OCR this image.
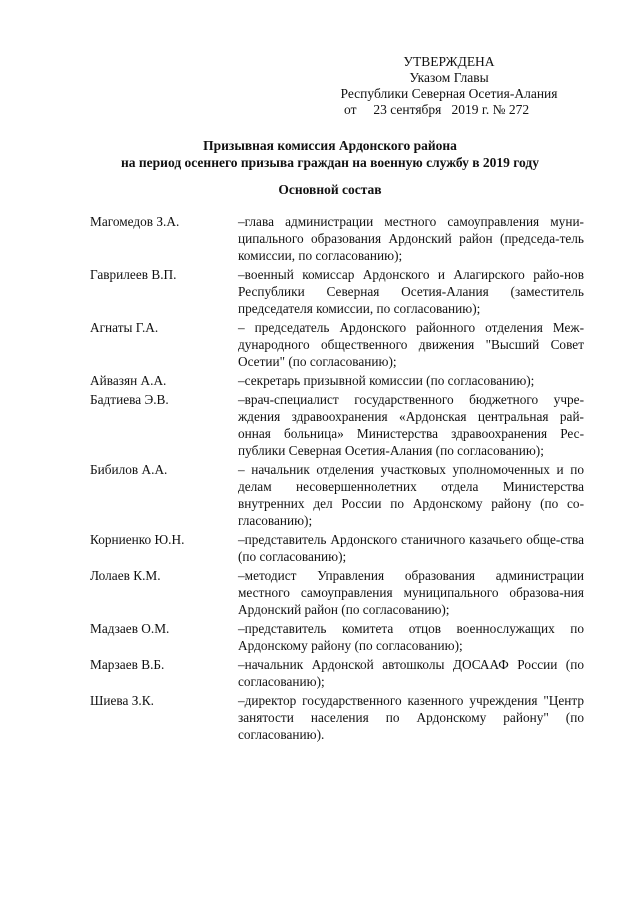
УТВЕРЖДЕНА
Указом Главы
Республики Северная Осетия-Алания
от 23 сентября   2019 г. № 272
Призывная комиссия Ардонского района
на период осеннего призыва граждан на военную службу в 2019 году
Основной состав
Магомедов З.А.	–глава администрации местного самоуправления муни-ципального образования Ардонский район (председа-тель комиссии, по согласованию);
Гаврилеев В.П.	–военный комиссар Ардонского и Алагирского райо-нов Республики Северная Осетия-Алания (заместитель председателя комиссии, по согласованию);
Агнаты Г.А.	– председатель Ардонского районного отделения Меж-дународного общественного движения "Высший Совет Осетии" (по согласованию);
Айвазян А.А.	–секретарь призывной комиссии (по согласованию);
Бадтиева Э.В.	–врач-специалист государственного бюджетного учре-ждения здравоохранения «Ардонская центральная рай-онная больница» Министерства здравоохранения Рес-публики Северная Осетия-Алания (по согласованию);
Бибилов А.А.	– начальник отделения участковых уполномоченных и по делам несовершеннолетних отдела Министерства внутренних дел России по Ардонскому району (по со-гласованию);
Корниенко Ю.Н.	–представитель Ардонского станичного казачьего обще-ства (по согласованию);
Лолаев К.М.	–методист Управления образования администрации местного самоуправления муниципального образова-ния Ардонский район (по согласованию);
Мадзаев О.М.	–представитель комитета отцов военнослужащих по Ардонскому району (по согласованию);
Марзаев В.Б.	–начальник Ардонской автошколы ДОСААФ России (по согласованию);
Шиева З.К.	–директор государственного казенного учреждения "Центр занятости населения по Ардонскому району" (по согласованию).
